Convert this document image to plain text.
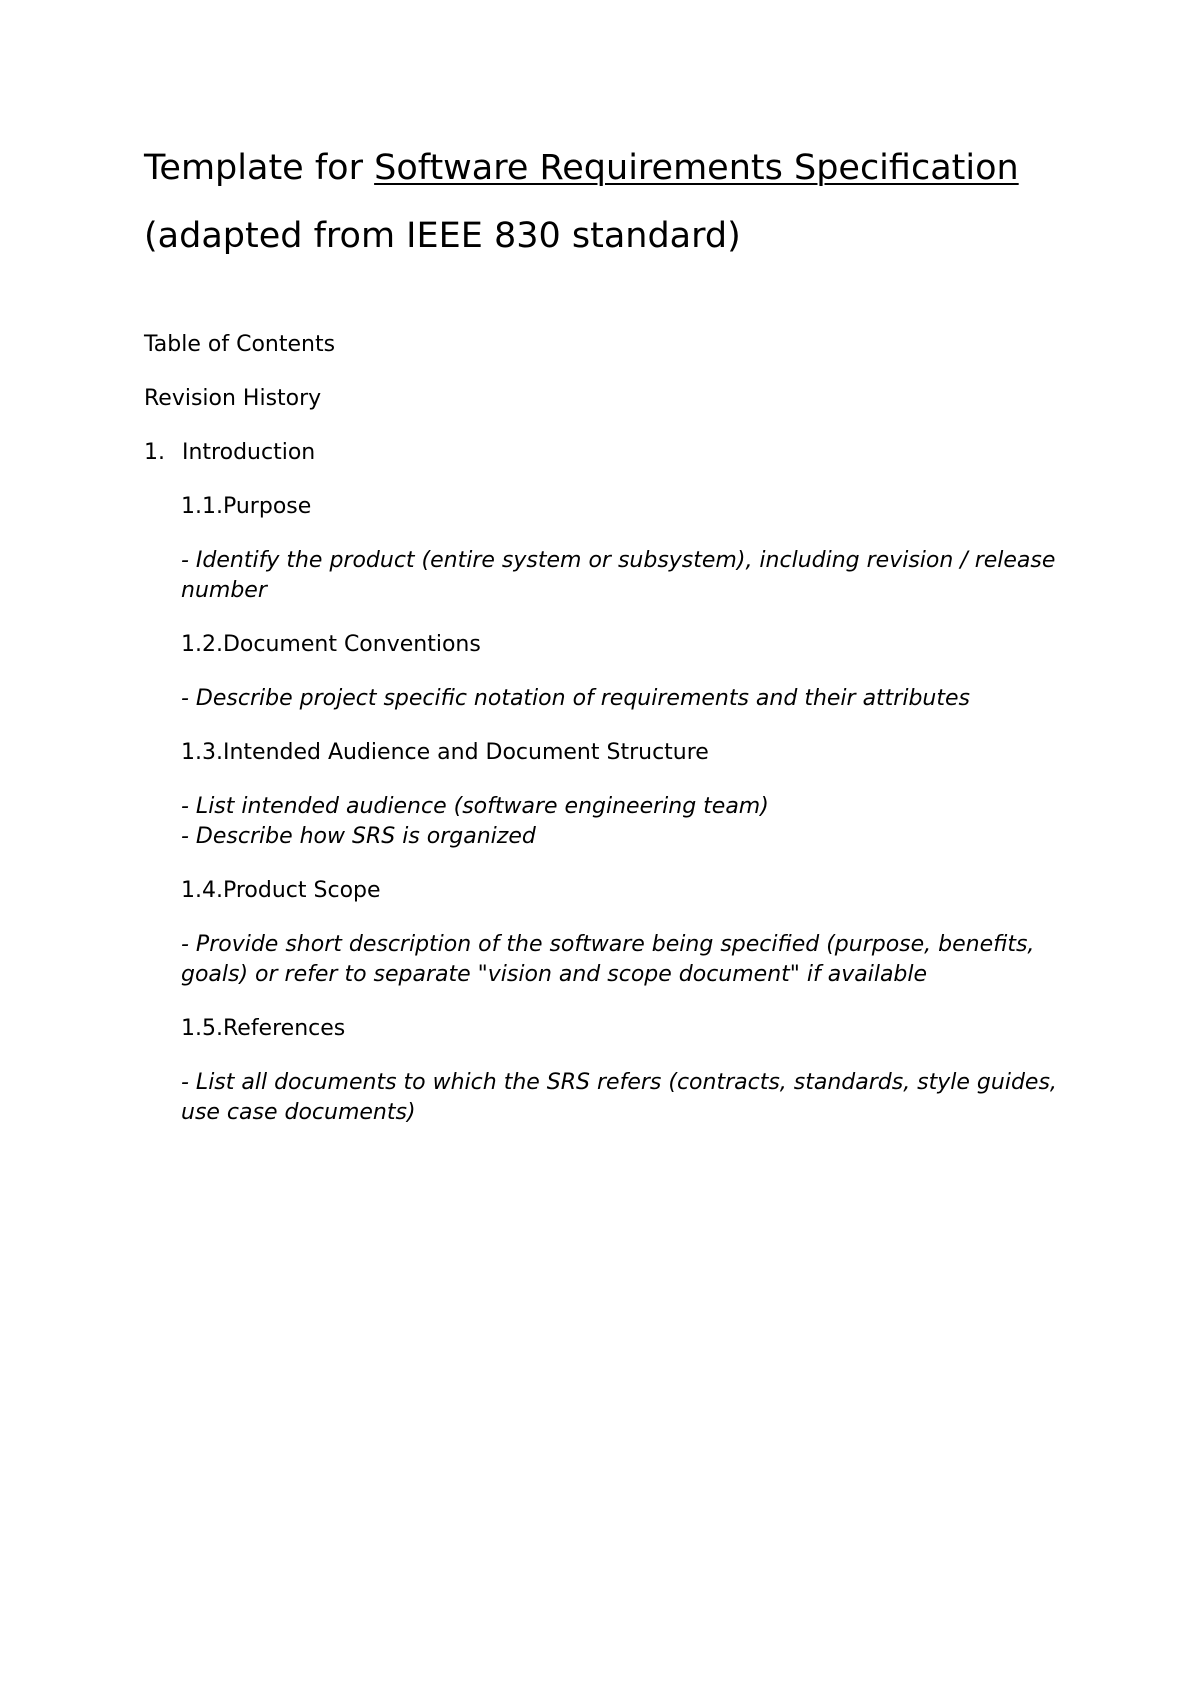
Template for Software Requirements Specification
(adapted from IEEE 830 standard)
Table of Contents
Revision History
1. Introduction
1.1.Purpose
- Identify the product (entire system or subsystem), including revision / release
number
1.2.Document Conventions
- Describe project specific notation of requirements and their attributes
1.3.Intended Audience and Document Structure
- List intended audience (software engineering team)
- Describe how SRS is organized
1.4.Product Scope
- Provide short description of the software being specified (purpose, benefits,
goals) or refer to separate "vision and scope document" if available
1.5.References
- List all documents to which the SRS refers (contracts, standards, style guides,
use case documents)
